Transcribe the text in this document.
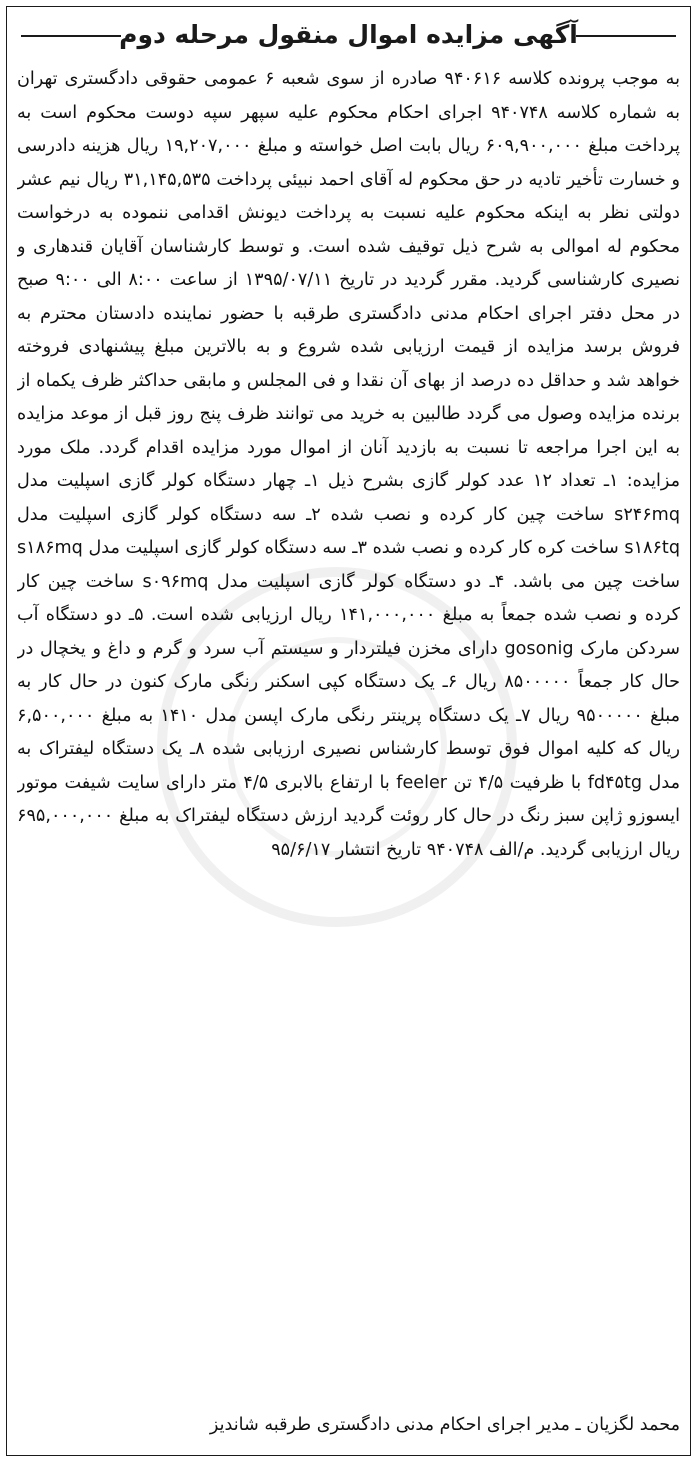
آگهی مزایده اموال منقول مرحله دوم

به موجب پرونده کلاسه ۹۴۰۶۱۶ صادره از سوی شعبه ۶ عمومی حقوقی دادگستری تهران به شماره کلاسه ۹۴۰۷۴۸ اجرای احکام محکوم علیه سپهر سپه دوست محکوم است به پرداخت مبلغ ۶۰۹,۹۰۰,۰۰۰ ریال بابت اصل خواسته و مبلغ ۱۹,۲۰۷,۰۰۰ ریال هزینه دادرسی و خسارت تأخیر تادیه در حق محکوم له آقای احمد نبیئی پرداخت ۳۱,۱۴۵,۵۳۵ ریال نیم عشر دولتی نظر به اینکه محکوم علیه نسبت به پرداخت دیونش اقدامی ننموده به درخواست محکوم له اموالی به شرح ذیل توقیف شده است. و توسط کارشناسان آقایان قندهاری و نصیری کارشناسی گردید. مقرر گردید در تاریخ ۱۳۹۵/۰۷/۱۱ از ساعت ۸:۰۰ الی ۹:۰۰ صبح در محل دفتر اجرای احکام مدنی دادگستری طرقبه با حضور نماینده دادستان محترم به فروش برسد مزایده از قیمت ارزیابی شده شروع و به بالاترین مبلغ پیشنهادی فروخته خواهد شد و حداقل ده درصد از بهای آن نقدا و فی المجلس و مابقی حداکثر ظرف یکماه از برنده مزایده وصول می گردد طالبین به خرید می توانند ظرف پنج روز قبل از موعد مزایده به این اجرا مراجعه تا نسبت به بازدید آنان از اموال مورد مزایده اقدام گردد. ملک مورد مزایده: ۱ـ تعداد ۱۲ عدد کولر گازی بشرح ذیل ۱ـ چهار دستگاه کولر گازی اسپلیت مدل s۲۴۶mq ساخت چین کار کرده و نصب شده ۲ـ سه دستگاه کولر گازی اسپلیت مدل s۱۸۶tq ساخت کره کار کرده و نصب شده ۳ـ سه دستگاه کولر گازی اسپلیت مدل s۱۸۶mq ساخت چین می باشد. ۴ـ دو دستگاه کولر گازی اسپلیت مدل s۰۹۶mq ساخت چین کار کرده و نصب شده جمعاً به مبلغ ۱۴۱,۰۰۰,۰۰۰ ریال ارزیابی شده است. ۵ـ دو دستگاه آب سردکن مارک gosonig دارای مخزن فیلتردار و سیستم آب سرد و گرم و داغ و یخچال در حال کار جمعاً ۸۵۰۰۰۰۰ ریال ۶ـ یک دستگاه کپی اسکنر رنگی مارک کنون در حال کار به مبلغ ۹۵۰۰۰۰۰ ریال ۷ـ یک دستگاه پرینتر رنگی مارک اپسن مدل ۱۴۱۰ به مبلغ ۶,۵۰۰,۰۰۰ ریال که کلیه اموال فوق توسط کارشناس نصیری ارزیابی شده ۸ـ یک دستگاه لیفتراک به مدل fd۴۵tg با ظرفیت ۴/۵ تن feeler با ارتفاع بالابری ۴/۵ متر دارای سایت شیفت موتور ایسوزو ژاپن سبز رنگ در حال کار روئت گردید ارزش دستگاه لیفتراک به مبلغ ۶۹۵,۰۰۰,۰۰۰ ریال ارزیابی گردید. م/الف ۹۴۰۷۴۸ تاریخ انتشار ۹۵/۶/۱۷

محمد لگزیان ـ مدیر اجرای احکام مدنی دادگستری طرقبه شاندیز
